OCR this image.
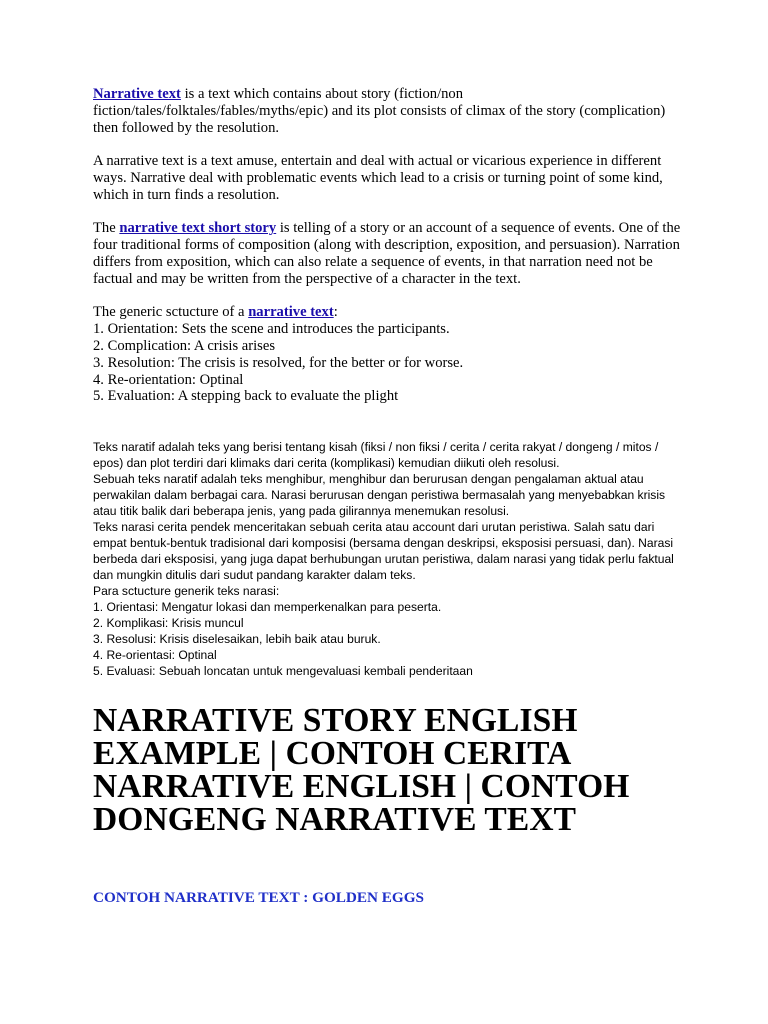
Narrative text is a text which contains about story (fiction/non fiction/tales/folktales/fables/myths/epic) and its plot consists of climax of the story (complication) then followed by the resolution.

A narrative text is a text amuse, entertain and deal with actual or vicarious experience in different ways. Narrative deal with problematic events which lead to a crisis or turning point of some kind, which in turn finds a resolution.

The narrative text short story is telling of a story or an account of a sequence of events. One of the four traditional forms of composition (along with description, exposition, and persuasion). Narration differs from exposition, which can also relate a sequence of events, in that narration need not be factual and may be written from the perspective of a character in the text.

The generic sctucture of a narrative text:
1. Orientation: Sets the scene and introduces the participants.
2. Complication: A crisis arises
3. Resolution: The crisis is resolved, for the better or for worse.
4. Re-orientation: Optinal
5. Evaluation: A stepping back to evaluate the plight

Teks naratif adalah teks yang berisi tentang kisah (fiksi / non fiksi / cerita / cerita rakyat / dongeng / mitos / epos) dan plot terdiri dari klimaks dari cerita (komplikasi) kemudian diikuti oleh resolusi.

Sebuah teks naratif adalah teks menghibur, menghibur dan berurusan dengan pengalaman aktual atau perwakilan dalam berbagai cara. Narasi berurusan dengan peristiwa bermasalah yang menyebabkan krisis atau titik balik dari beberapa jenis, yang pada gilirannya menemukan resolusi.

Teks narasi cerita pendek menceritakan sebuah cerita atau account dari urutan peristiwa. Salah satu dari empat bentuk-bentuk tradisional dari komposisi (bersama dengan deskripsi, eksposisi persuasi, dan). Narasi berbeda dari eksposisi, yang juga dapat berhubungan urutan peristiwa, dalam narasi yang tidak perlu faktual dan mungkin ditulis dari sudut pandang karakter dalam teks.

Para sctucture generik teks narasi:

1. Orientasi: Mengatur lokasi dan memperkenalkan para peserta.
2. Komplikasi: Krisis muncul
3. Resolusi: Krisis diselesaikan, lebih baik atau buruk.
4. Re-orientasi: Optinal
5. Evaluasi: Sebuah loncatan untuk mengevaluasi kembali penderitaan
NARRATIVE STORY ENGLISH EXAMPLE | CONTOH CERITA NARRATIVE ENGLISH | CONTOH DONGENG NARRATIVE TEXT
CONTOH NARRATIVE TEXT : GOLDEN EGGS
